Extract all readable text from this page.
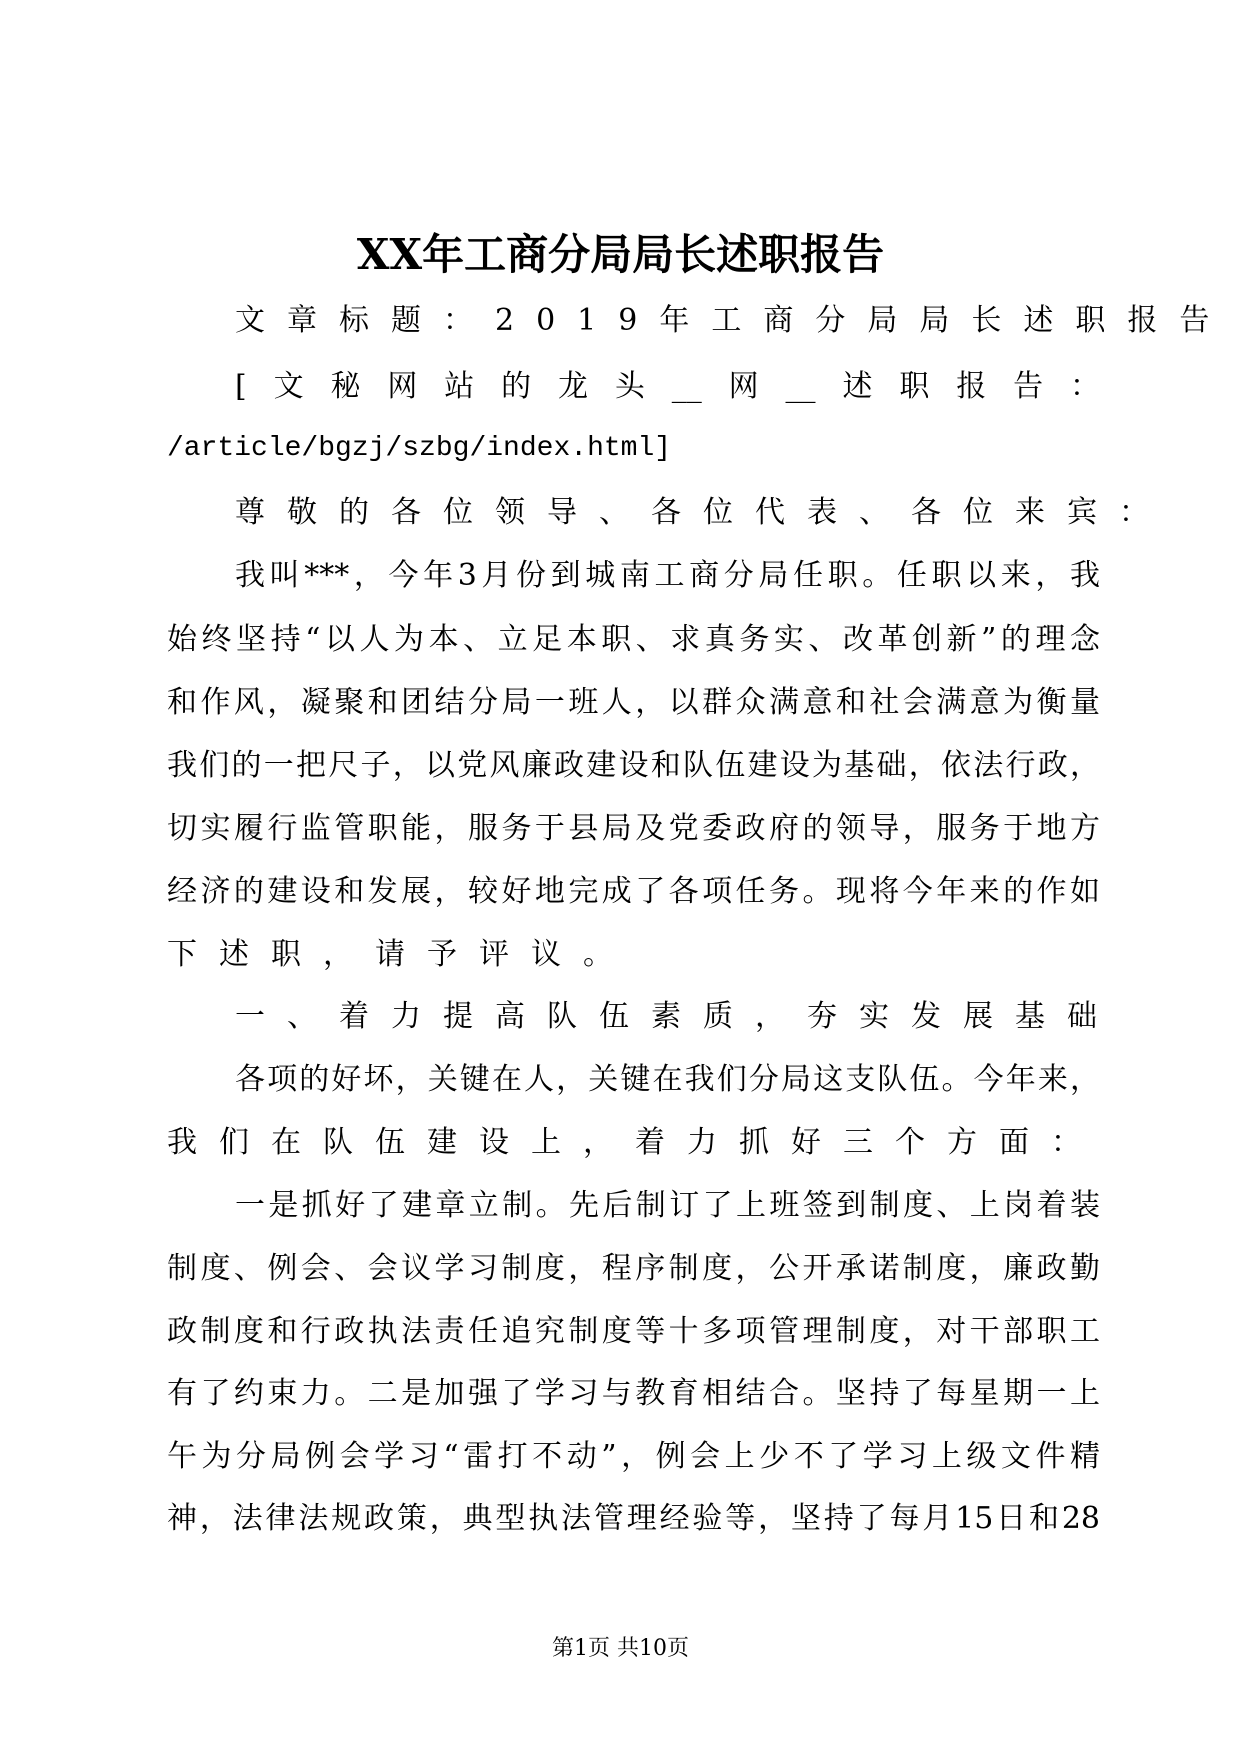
XX年工商分局局长述职报告
文章标题：2019年工商分局局长述职报告
[文秘网站的龙头__网__述职报告：
/article/bgzj/szbg/index.html]
尊敬的各位领导、各位代表、各位来宾：
我叫***，今年3月份到城南工商分局任职。任职以来，我
始终坚持“以人为本、立足本职、求真务实、改革创新”的理念
和作风，凝聚和团结分局一班人，以群众满意和社会满意为衡量
我们的一把尺子，以党风廉政建设和队伍建设为基础，依法行政，
切实履行监管职能，服务于县局及党委政府的领导，服务于地方
经济的建设和发展，较好地完成了各项任务。现将今年来的作如
下述职，请予评议。
一、着力提高队伍素质，夯实发展基础
各项的好坏，关键在人，关键在我们分局这支队伍。今年来，
我们在队伍建设上，着力抓好三个方面：
一是抓好了建章立制。先后制订了上班签到制度、上岗着装
制度、例会、会议学习制度，程序制度，公开承诺制度，廉政勤
政制度和行政执法责任追究制度等十多项管理制度，对干部职工
有了约束力。二是加强了学习与教育相结合。坚持了每星期一上
午为分局例会学习“雷打不动”，例会上少不了学习上级文件精
神，法律法规政策，典型执法管理经验等，坚持了每月15日和28
第1页 共10页
